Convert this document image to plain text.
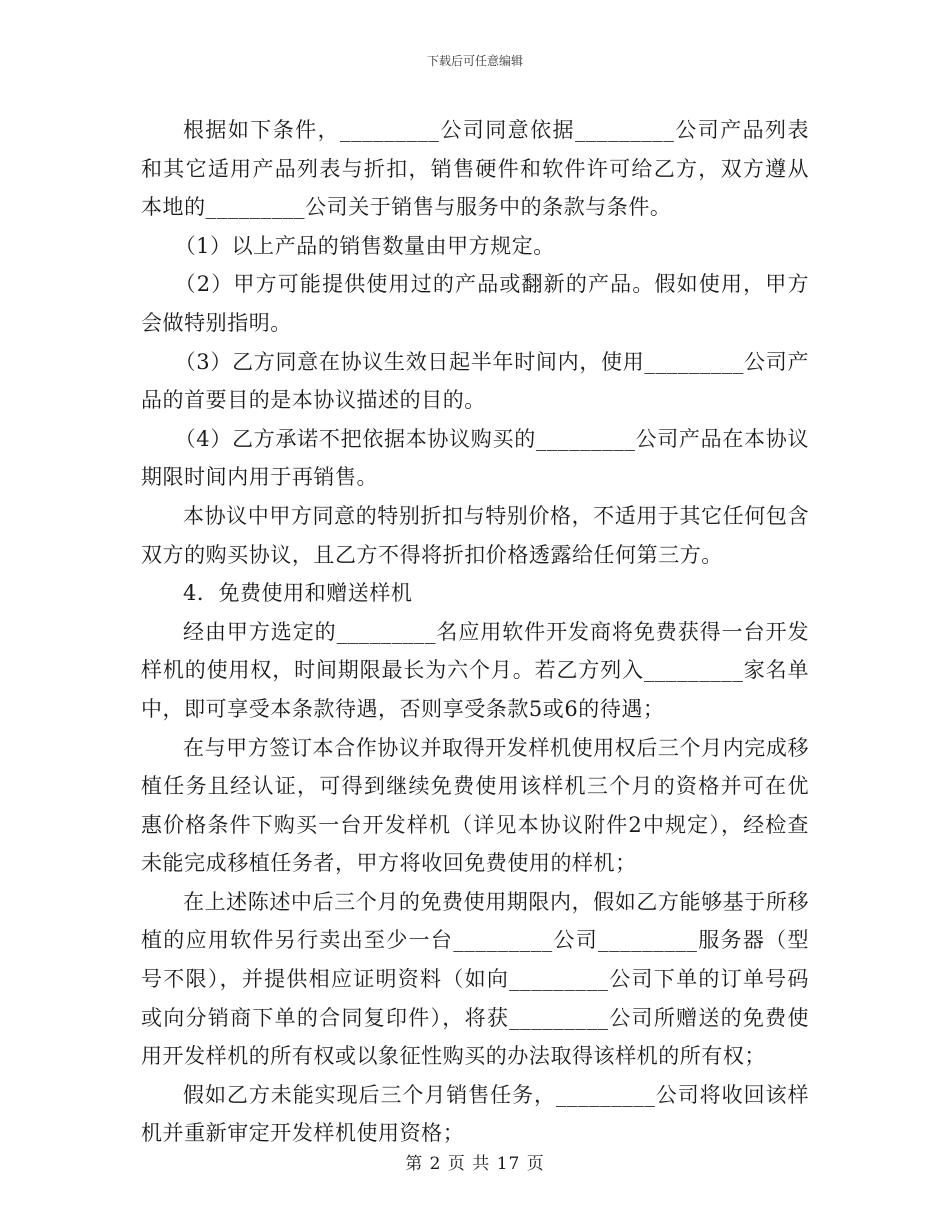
下载后可任意编辑

根据如下条件，_________公司同意依据_________公司产品列表和其它适用产品列表与折扣，销售硬件和软件许可给乙方，双方遵从本地的_________公司关于销售与服务中的条款与条件。

（1）以上产品的销售数量由甲方规定。

（2）甲方可能提供使用过的产品或翻新的产品。假如使用，甲方会做特别指明。

（3）乙方同意在协议生效日起半年时间内，使用_________公司产品的首要目的是本协议描述的目的。

（4）乙方承诺不把依据本协议购买的_________公司产品在本协议期限时间内用于再销售。

本协议中甲方同意的特别折扣与特别价格，不适用于其它任何包含双方的购买协议，且乙方不得将折扣价格透露给任何第三方。

4．免费使用和赠送样机

经由甲方选定的_________名应用软件开发商将免费获得一台开发样机的使用权，时间期限最长为六个月。若乙方列入_________家名单中，即可享受本条款待遇，否则享受条款5或6的待遇；

在与甲方签订本合作协议并取得开发样机使用权后三个月内完成移植任务且经认证，可得到继续免费使用该样机三个月的资格并可在优惠价格条件下购买一台开发样机（详见本协议附件2中规定），经检查未能完成移植任务者，甲方将收回免费使用的样机；

在上述陈述中后三个月的免费使用期限内，假如乙方能够基于所移植的应用软件另行卖出至少一台_________公司_________服务器（型号不限），并提供相应证明资料（如向_________公司下单的订单号码或向分销商下单的合同复印件），将获_________公司所赠送的免费使用开发样机的所有权或以象征性购买的办法取得该样机的所有权；

假如乙方未能实现后三个月销售任务，_________公司将收回该样机并重新审定开发样机使用资格；

第 2 页 共 17 页
